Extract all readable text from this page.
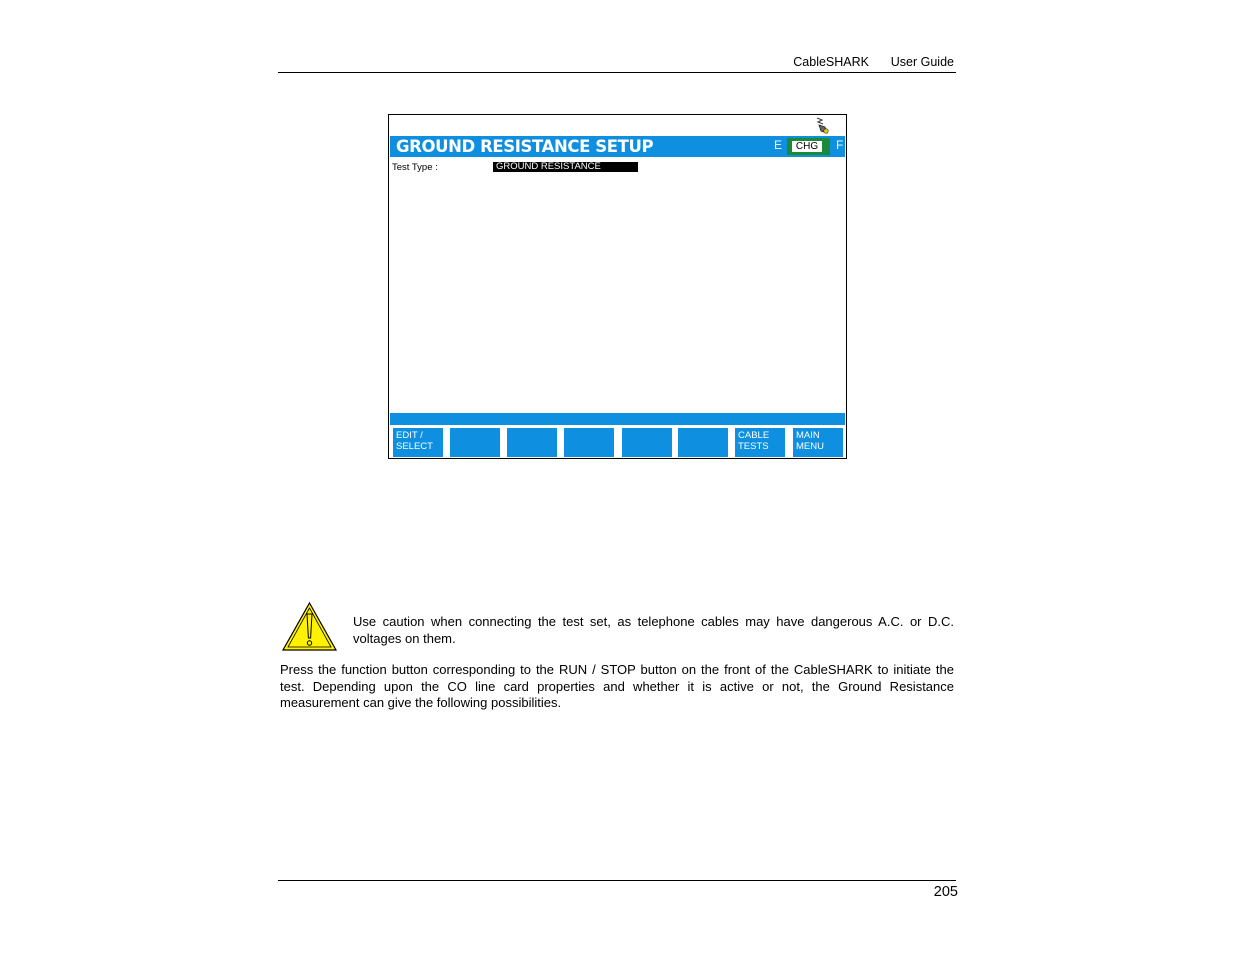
CableSHARK User Guide
GROUND RESISTANCE SETUP	E	CHG	F
Test Type :	GROUND RESISTANCE
EDIT /
SELECT
CABLE
TESTS
MAIN
MENU

Use caution when connecting the test set, as telephone cables may have dangerous A.C. or D.C. voltages on them.

Press the function button corresponding to the RUN / STOP button on the front of the CableSHARK to initiate the test. Depending upon the CO line card properties and whether it is active or not, the Ground Resistance measurement can give the following possibilities.

205
